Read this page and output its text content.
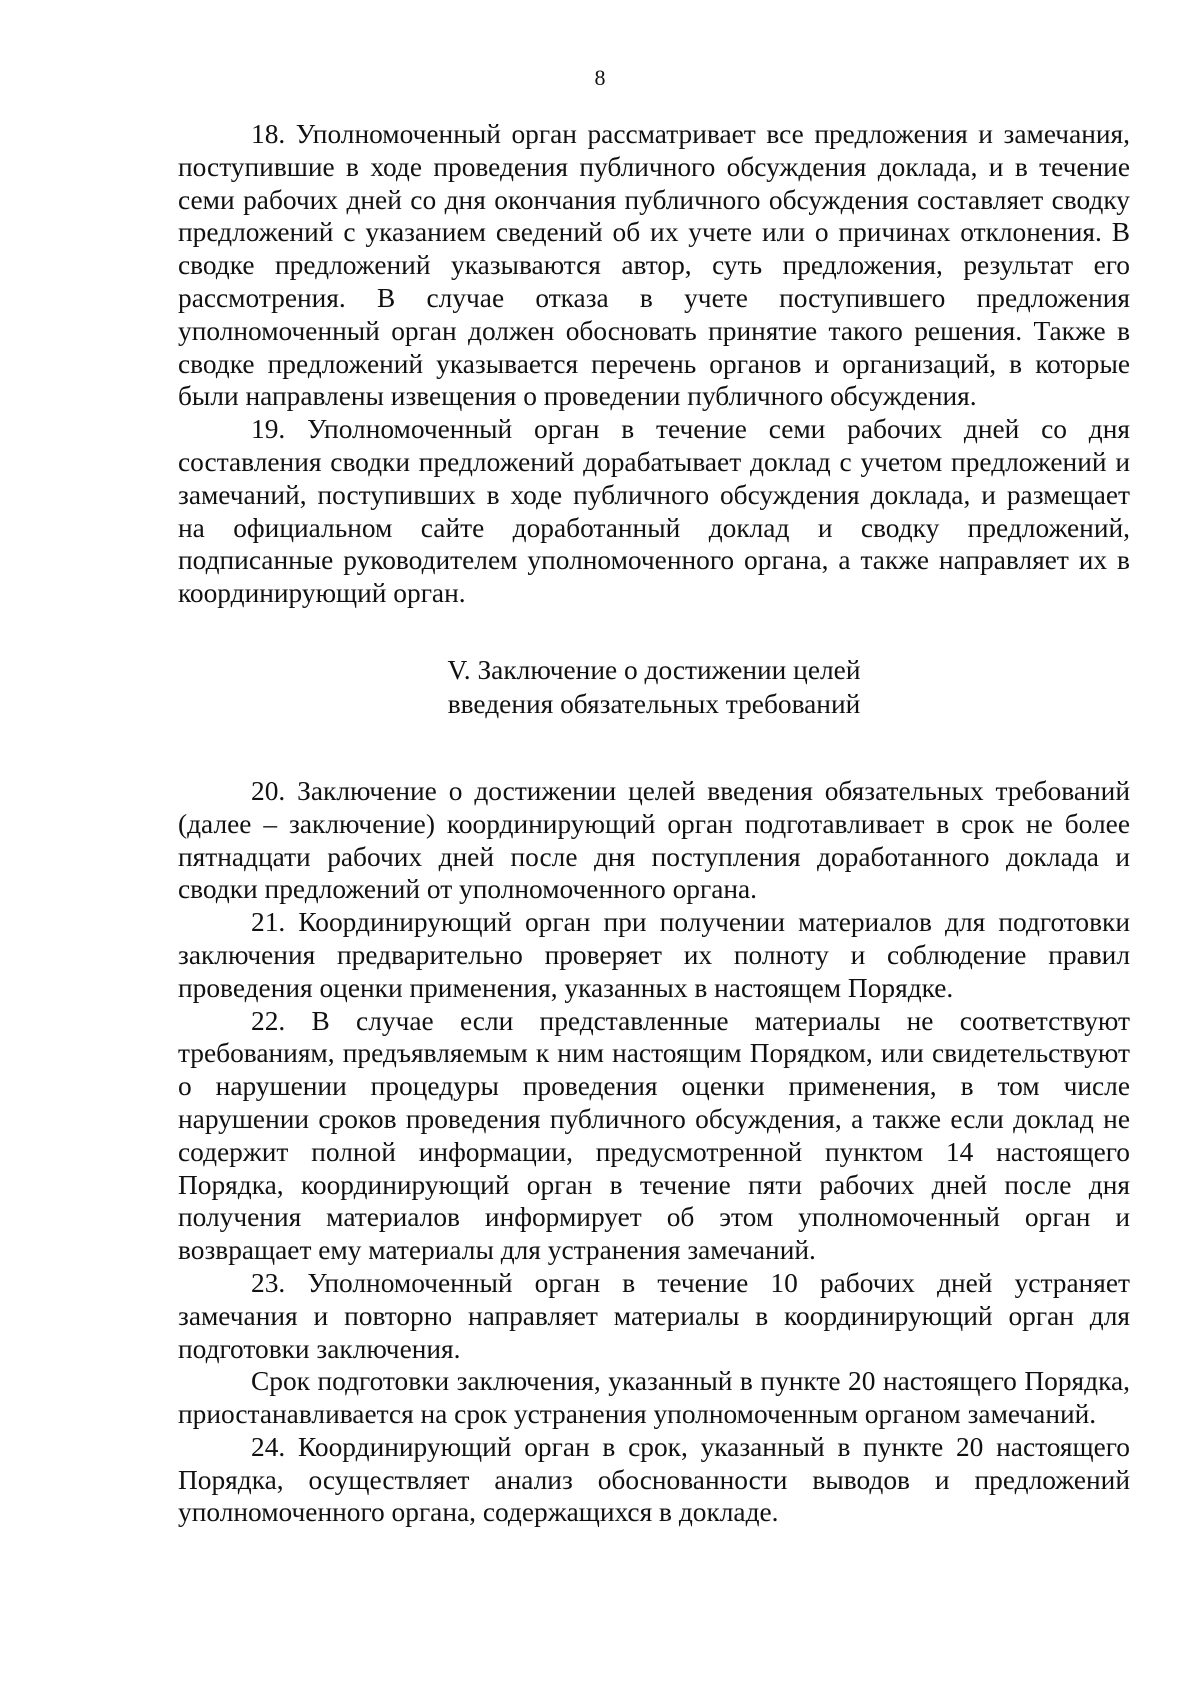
8

18. Уполномоченный орган рассматривает все предложения и замечания, поступившие в ходе проведения публичного обсуждения доклада, и в течение семи рабочих дней со дня окончания публичного обсуждения составляет сводку предложений с указанием сведений об их учете или о причинах отклонения. В сводке предложений указываются автор, суть предложения, результат его рассмотрения. В случае отказа в учете поступившего предложения уполномоченный орган должен обосновать принятие такого решения. Также в сводке предложений указывается перечень органов и организаций, в которые были направлены извещения о проведении публичного обсуждения.

19. Уполномоченный орган в течение семи рабочих дней со дня составления сводки предложений дорабатывает доклад с учетом предложений и замечаний, поступивших в ходе публичного обсуждения доклада, и размещает на официальном сайте доработанный доклад и сводку предложений, подписанные руководителем уполномоченного органа, а также направляет их в координирующий орган.

V. Заключение о достижении целей
введения обязательных требований

20. Заключение о достижении целей введения обязательных требований (далее – заключение) координирующий орган подготавливает в срок не более пятнадцати рабочих дней после дня поступления доработанного доклада и сводки предложений от уполномоченного органа.

21. Координирующий орган при получении материалов для подготовки заключения предварительно проверяет их полноту и соблюдение правил проведения оценки применения, указанных в настоящем Порядке.

22. В случае если представленные материалы не соответствуют требованиям, предъявляемым к ним настоящим Порядком, или свидетельствуют о нарушении процедуры проведения оценки применения, в том числе нарушении сроков проведения публичного обсуждения, а также если доклад не содержит полной информации, предусмотренной пунктом 14 настоящего Порядка, координирующий орган в течение пяти рабочих дней после дня получения материалов информирует об этом уполномоченный орган и возвращает ему материалы для устранения замечаний.

23. Уполномоченный орган в течение 10 рабочих дней устраняет замечания и повторно направляет материалы в координирующий орган для подготовки заключения.

Срок подготовки заключения, указанный в пункте 20 настоящего Порядка, приостанавливается на срок устранения уполномоченным органом замечаний.

24. Координирующий орган в срок, указанный в пункте 20 настоящего Порядка, осуществляет анализ обоснованности выводов и предложений уполномоченного органа, содержащихся в докладе.
